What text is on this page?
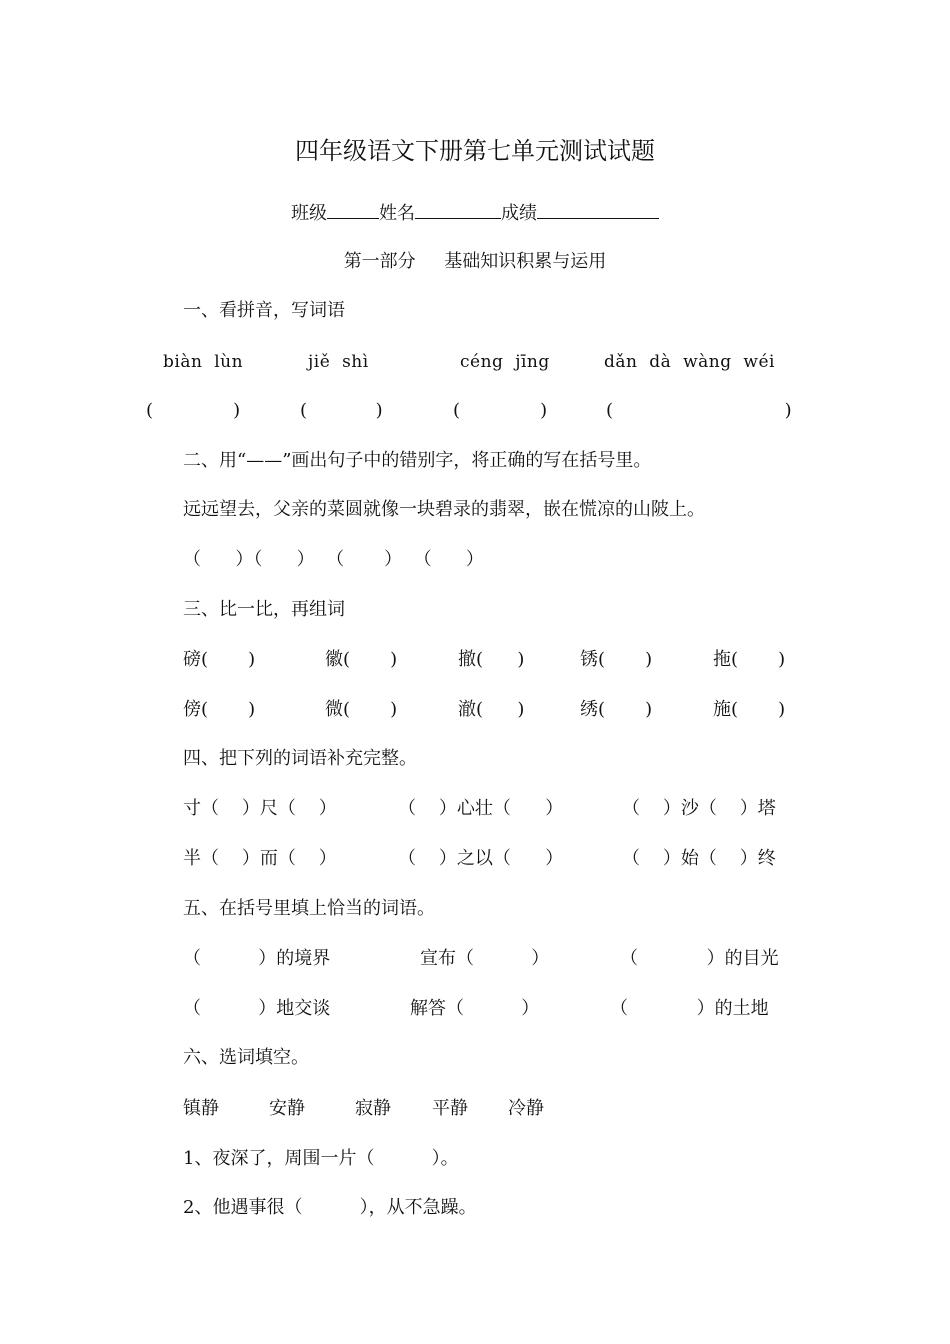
四年级语文下册第七单元测试试题
班级	姓名	成绩
第一部分     基础知识积累与运用
一、看拼音，写词语
biàn  lùn	jiě  shì	céng  jīng	dǎn  dà  wàng  wéi
(              )	(            )	(              )	(                              )
二、用“——”画出句子中的错别字，将正确的写在括号里。
远远望去，父亲的菜圆就像一块碧录的翡翠，嵌在慌凉的山陂上。
（      ）（      ）  （       ）  （      ）
三、比一比，再组词
磅(       )	徽(       )	撤(      )	锈(       )	拖(       )
傍(       )	微(       )	澈(      )	绣(       )	施(       )
四、把下列的词语补充完整。
寸（    ）尺（    ）	（    ）心壮（      ）	（    ）沙（    ）塔
半（    ）而（    ）	（    ）之以（      ）	（    ）始（    ）终
五、在括号里填上恰当的词语。
（          ）的境界	宣布（          ）	（            ）的目光
（          ）地交谈	解答（          ）	（            ）的土地
六、选词填空。
镇静	安静	寂静 平静 冷静
1、夜深了，周围一片（          ）。
2、他遇事很（          ），从不急躁。
